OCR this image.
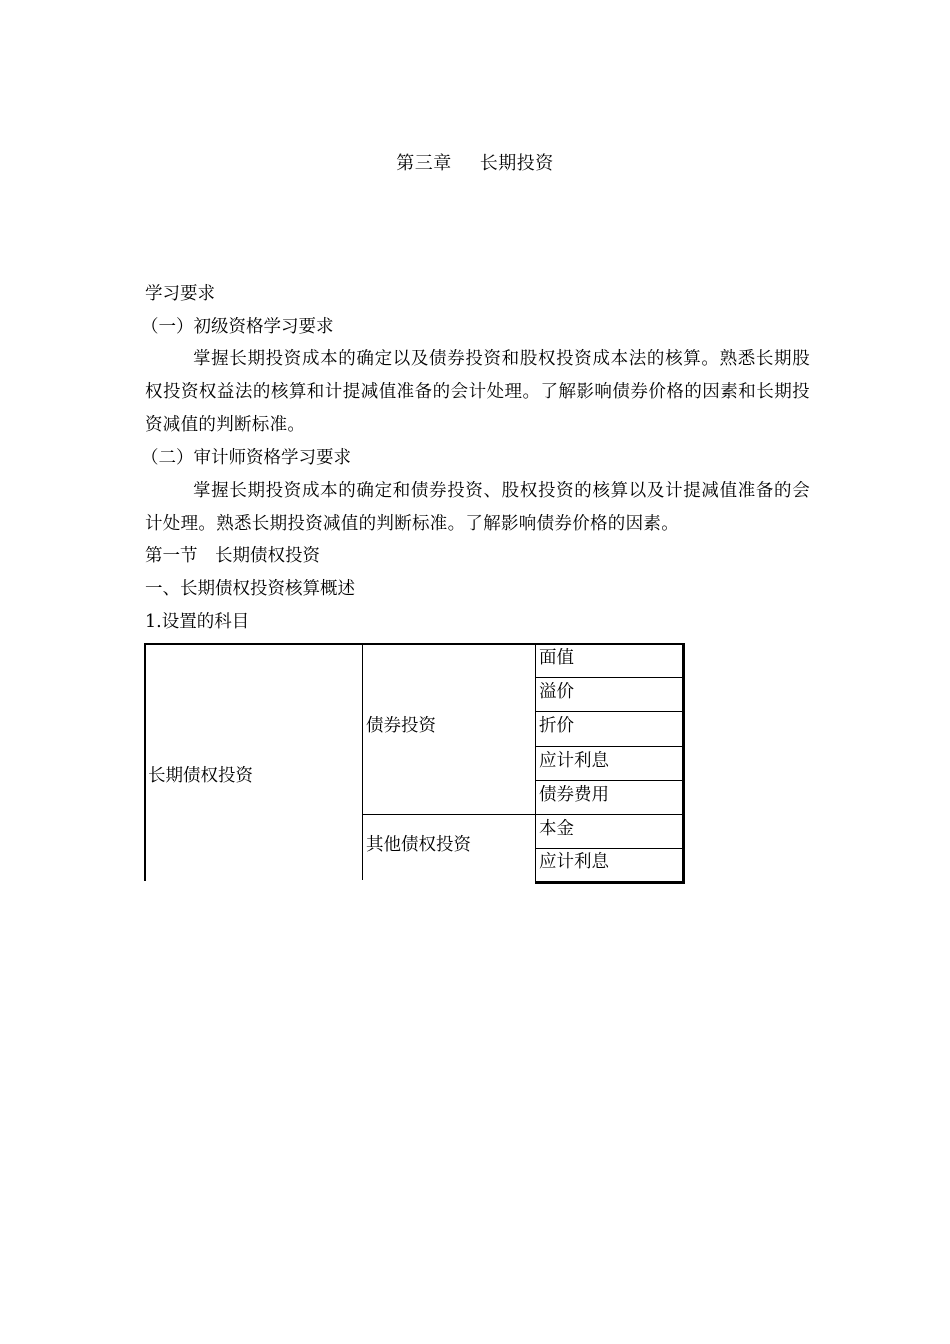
第三章 长期投资
学习要求
（一）初级资格学习要求
掌握长期投资成本的确定以及债券投资和股权投资成本法的核算。熟悉长期股权投资权益法的核算和计提减值准备的会计处理。了解影响债券价格的因素和长期投资减值的判断标准。
（二）审计师资格学习要求
掌握长期投资成本的确定和债券投资、股权投资的核算以及计提减值准备的会计处理。熟悉长期投资减值的判断标准。了解影响债券价格的因素。
第一节　长期债权投资
一、长期债权投资核算概述
1.设置的科目
长期债权投资
债券投资
其他债权投资
面值
溢价
折价
应计利息
债券费用
本金
应计利息
